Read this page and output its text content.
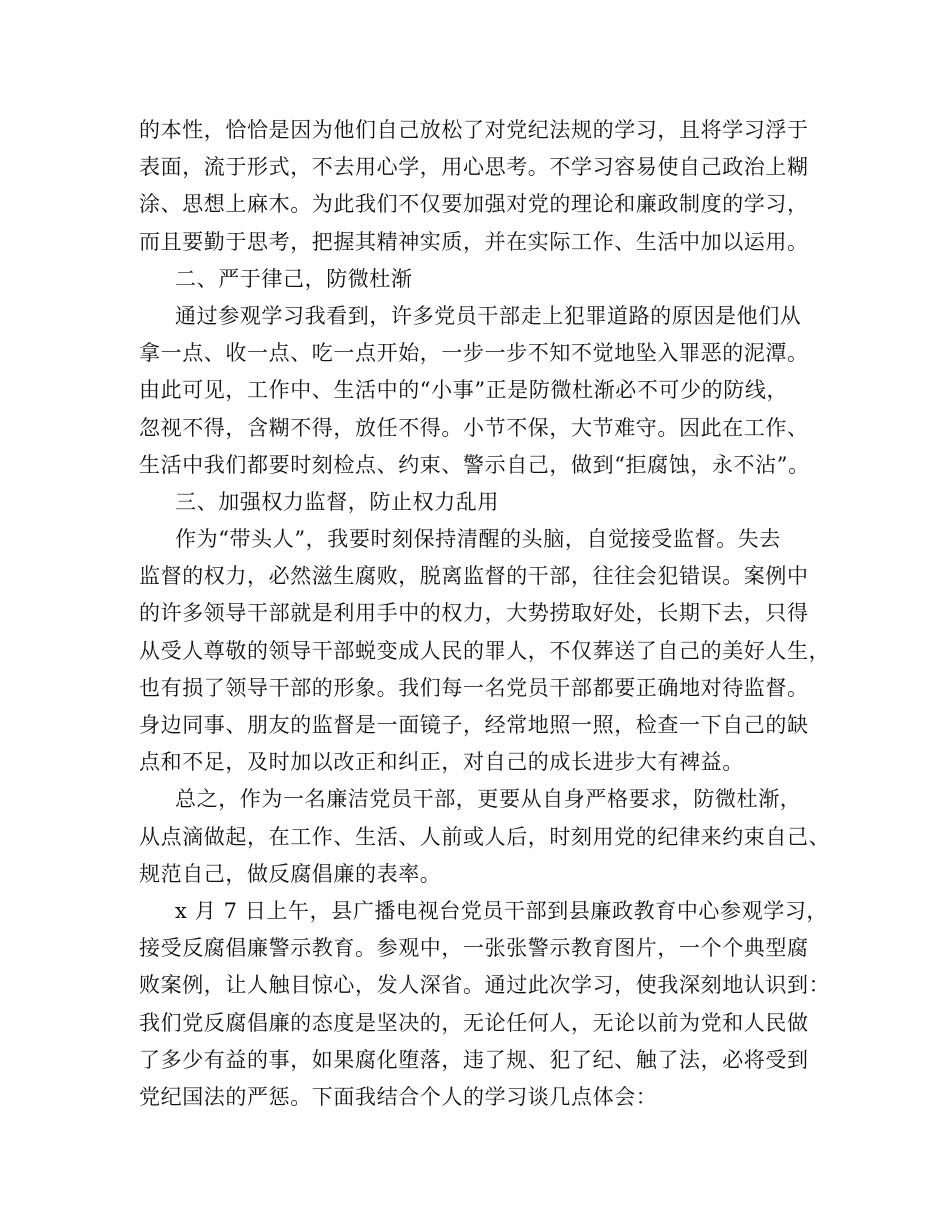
的本性，恰恰是因为他们自己放松了对党纪法规的学习，且将学习浮于
表面，流于形式，不去用心学，用心思考。不学习容易使自己政治上糊
涂、思想上麻木。为此我们不仅要加强对党的理论和廉政制度的学习，
而且要勤于思考，把握其精神实质，并在实际工作、生活中加以运用。
二、严于律己，防微杜渐
通过参观学习我看到，许多党员干部走上犯罪道路的原因是他们从
拿一点、收一点、吃一点开始，一步一步不知不觉地坠入罪恶的泥潭。
由此可见，工作中、生活中的“小事”正是防微杜渐必不可少的防线，
忽视不得，含糊不得，放任不得。小节不保，大节难守。因此在工作、
生活中我们都要时刻检点、约束、警示自己，做到“拒腐蚀，永不沾”。
三、加强权力监督，防止权力乱用
作为“带头人”，我要时刻保持清醒的头脑，自觉接受监督。失去
监督的权力，必然滋生腐败，脱离监督的干部，往往会犯错误。案例中
的许多领导干部就是利用手中的权力，大势捞取好处，长期下去，只得
从受人尊敬的领导干部蜕变成人民的罪人，不仅葬送了自己的美好人生，
也有损了领导干部的形象。我们每一名党员干部都要正确地对待监督。
身边同事、朋友的监督是一面镜子，经常地照一照，检查一下自己的缺
点和不足，及时加以改正和纠正，对自己的成长进步大有裨益。
总之，作为一名廉洁党员干部，更要从自身严格要求，防微杜渐，
从点滴做起，在工作、生活、人前或人后，时刻用党的纪律来约束自己、
规范自己，做反腐倡廉的表率。
x 月 7 日上午，县广播电视台党员干部到县廉政教育中心参观学习，
接受反腐倡廉警示教育。参观中，一张张警示教育图片，一个个典型腐
败案例，让人触目惊心，发人深省。通过此次学习，使我深刻地认识到：
我们党反腐倡廉的态度是坚决的，无论任何人，无论以前为党和人民做
了多少有益的事，如果腐化堕落，违了规、犯了纪、触了法，必将受到
党纪国法的严惩。下面我结合个人的学习谈几点体会：
